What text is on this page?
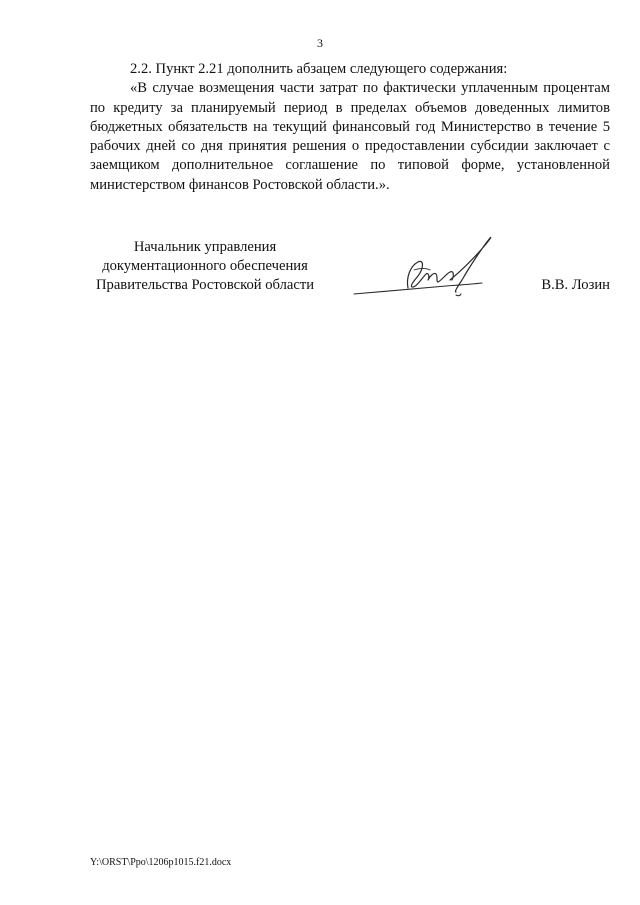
3

2.2. Пункт 2.21 дополнить абзацем следующего содержания:

«В случае возмещения части затрат по фактически уплаченным процентам по кредиту за планируемый период в пределах объемов доведенных лимитов бюджетных обязательств на текущий финансовый год Министерство в течение 5 рабочих дней со дня принятия решения о предоставлении субсидии заключает с заемщиком дополнительное соглашение по типовой форме, установленной министерством финансов Ростовской области.».

Начальник управления
документационного обеспечения
Правительства Ростовской области	В.В. Лозин
Y:\ORST\Ppo\1206p1015.f21.docx
